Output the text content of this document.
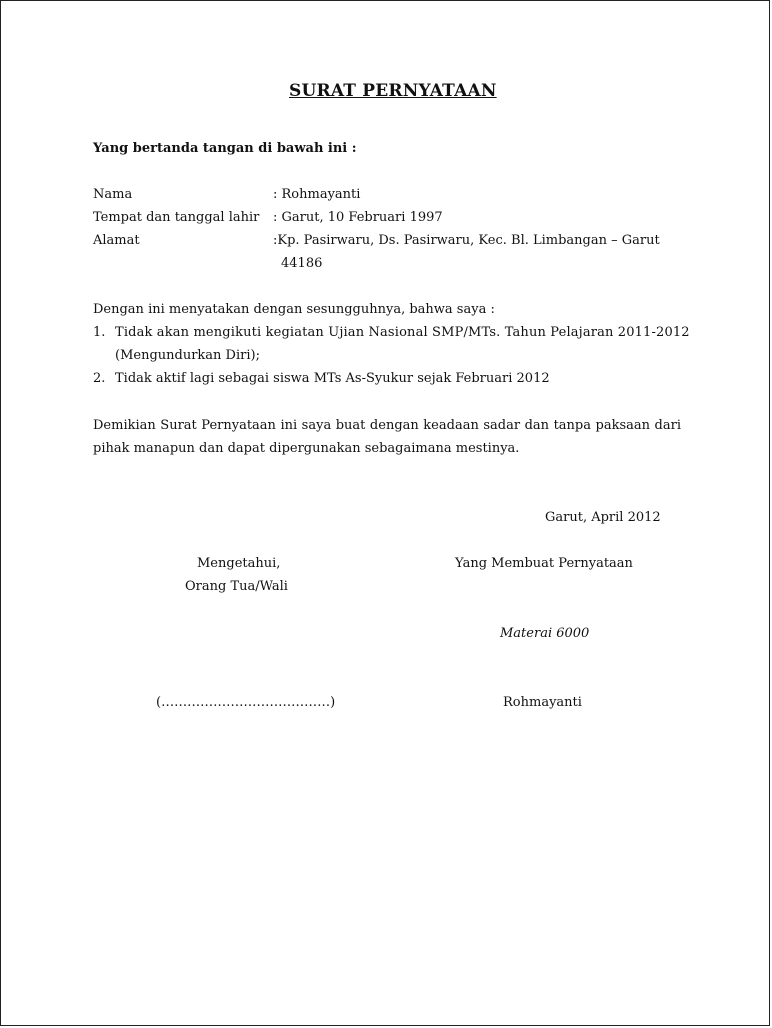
SURAT PERNYATAAN
Yang bertanda tangan di bawah ini :
Nama	: Rohmayanti
Tempat dan tanggal lahir : Garut, 10 Februari 1997
Alamat	:Kp. Pasirwaru, Ds. Pasirwaru, Kec. Bl. Limbangan – Garut
44186
Dengan ini menyatakan dengan sesungguhnya, bahwa saya :
1. Tidak akan mengikuti kegiatan Ujian Nasional SMP/MTs. Tahun Pelajaran 2011-2012
(Mengundurkan Diri);
2. Tidak aktif lagi sebagai siswa MTs As-Syukur sejak Februari 2012
Demikian Surat Pernyataan ini saya buat dengan keadaan sadar dan tanpa paksaan dari pihak manapun dan dapat dipergunakan sebagaimana mestinya.
Garut, April 2012
Mengetahui,
Orang Tua/Wali
(…………………………………)
Yang Membuat Pernyataan
Materai 6000
Rohmayanti
